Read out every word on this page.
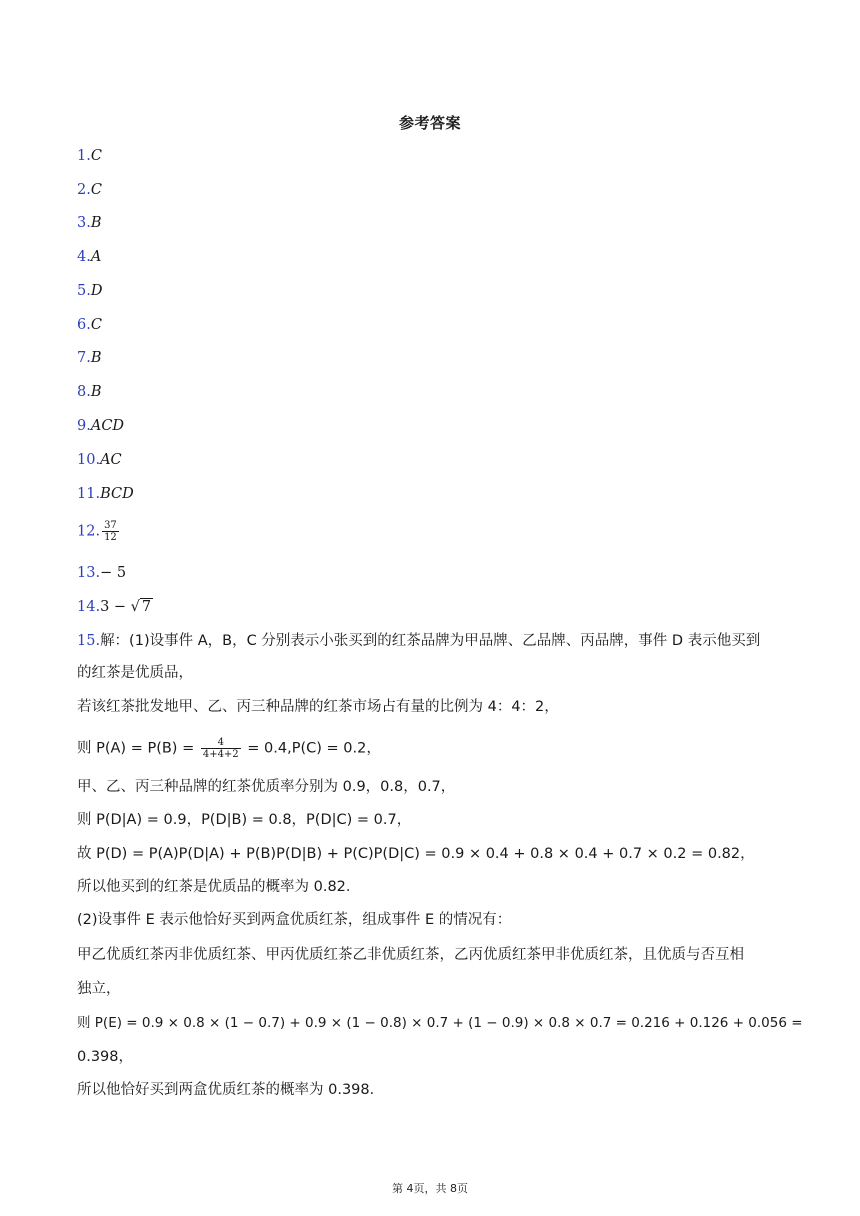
参考答案
1.C
2.C
3.B
4.A
5.D
6.C
7.B
8.B
9.ACD
10.AC
11.BCD
12. $\frac{37}{12}$
13.− 5
14.3 − √ 7
15.解：(1)设事件 A，B，C 分别表示小张买到的红茶品牌为甲品牌、乙品牌、丙品牌，事件 D 表示他买到
的红茶是优质品，
若该红茶批发地甲、乙、丙三种品牌的红茶市场占有量的比例为 4：4：2，
则 $P(A) = P(B) = \frac{4}{4+4+2} = 0.4,P(C) = 0.2$，
甲、乙、丙三种品牌的红茶优质率分别为 0.9，0.8，0.7，
则 P(D|A) = 0.9，P(D|B) = 0.8，P(D|C) = 0.7，
故 P(D) = P(A)P(D|A) + P(B)P(D|B) + P(C)P(D|C) = 0.9 × 0.4 + 0.8 × 0.4 + 0.7 × 0.2 = 0.82，
所以他买到的红茶是优质品的概率为 0.82．
(2)设事件 E 表示他恰好买到两盒优质红茶，组成事件 E 的情况有：
甲乙优质红茶丙非优质红茶、甲丙优质红茶乙非优质红茶，乙丙优质红茶甲非优质红茶，且优质与否互相
独立，
则 P(E) = 0.9 × 0.8 × (1 − 0.7) + 0.9 × (1 − 0.8) × 0.7 + (1 − 0.9) × 0.8 × 0.7 = 0.216 + 0.126 + 0.056 =
0.398，
所以他恰好买到两盒优质红茶的概率为 0.398．
第 4页，共 8页
